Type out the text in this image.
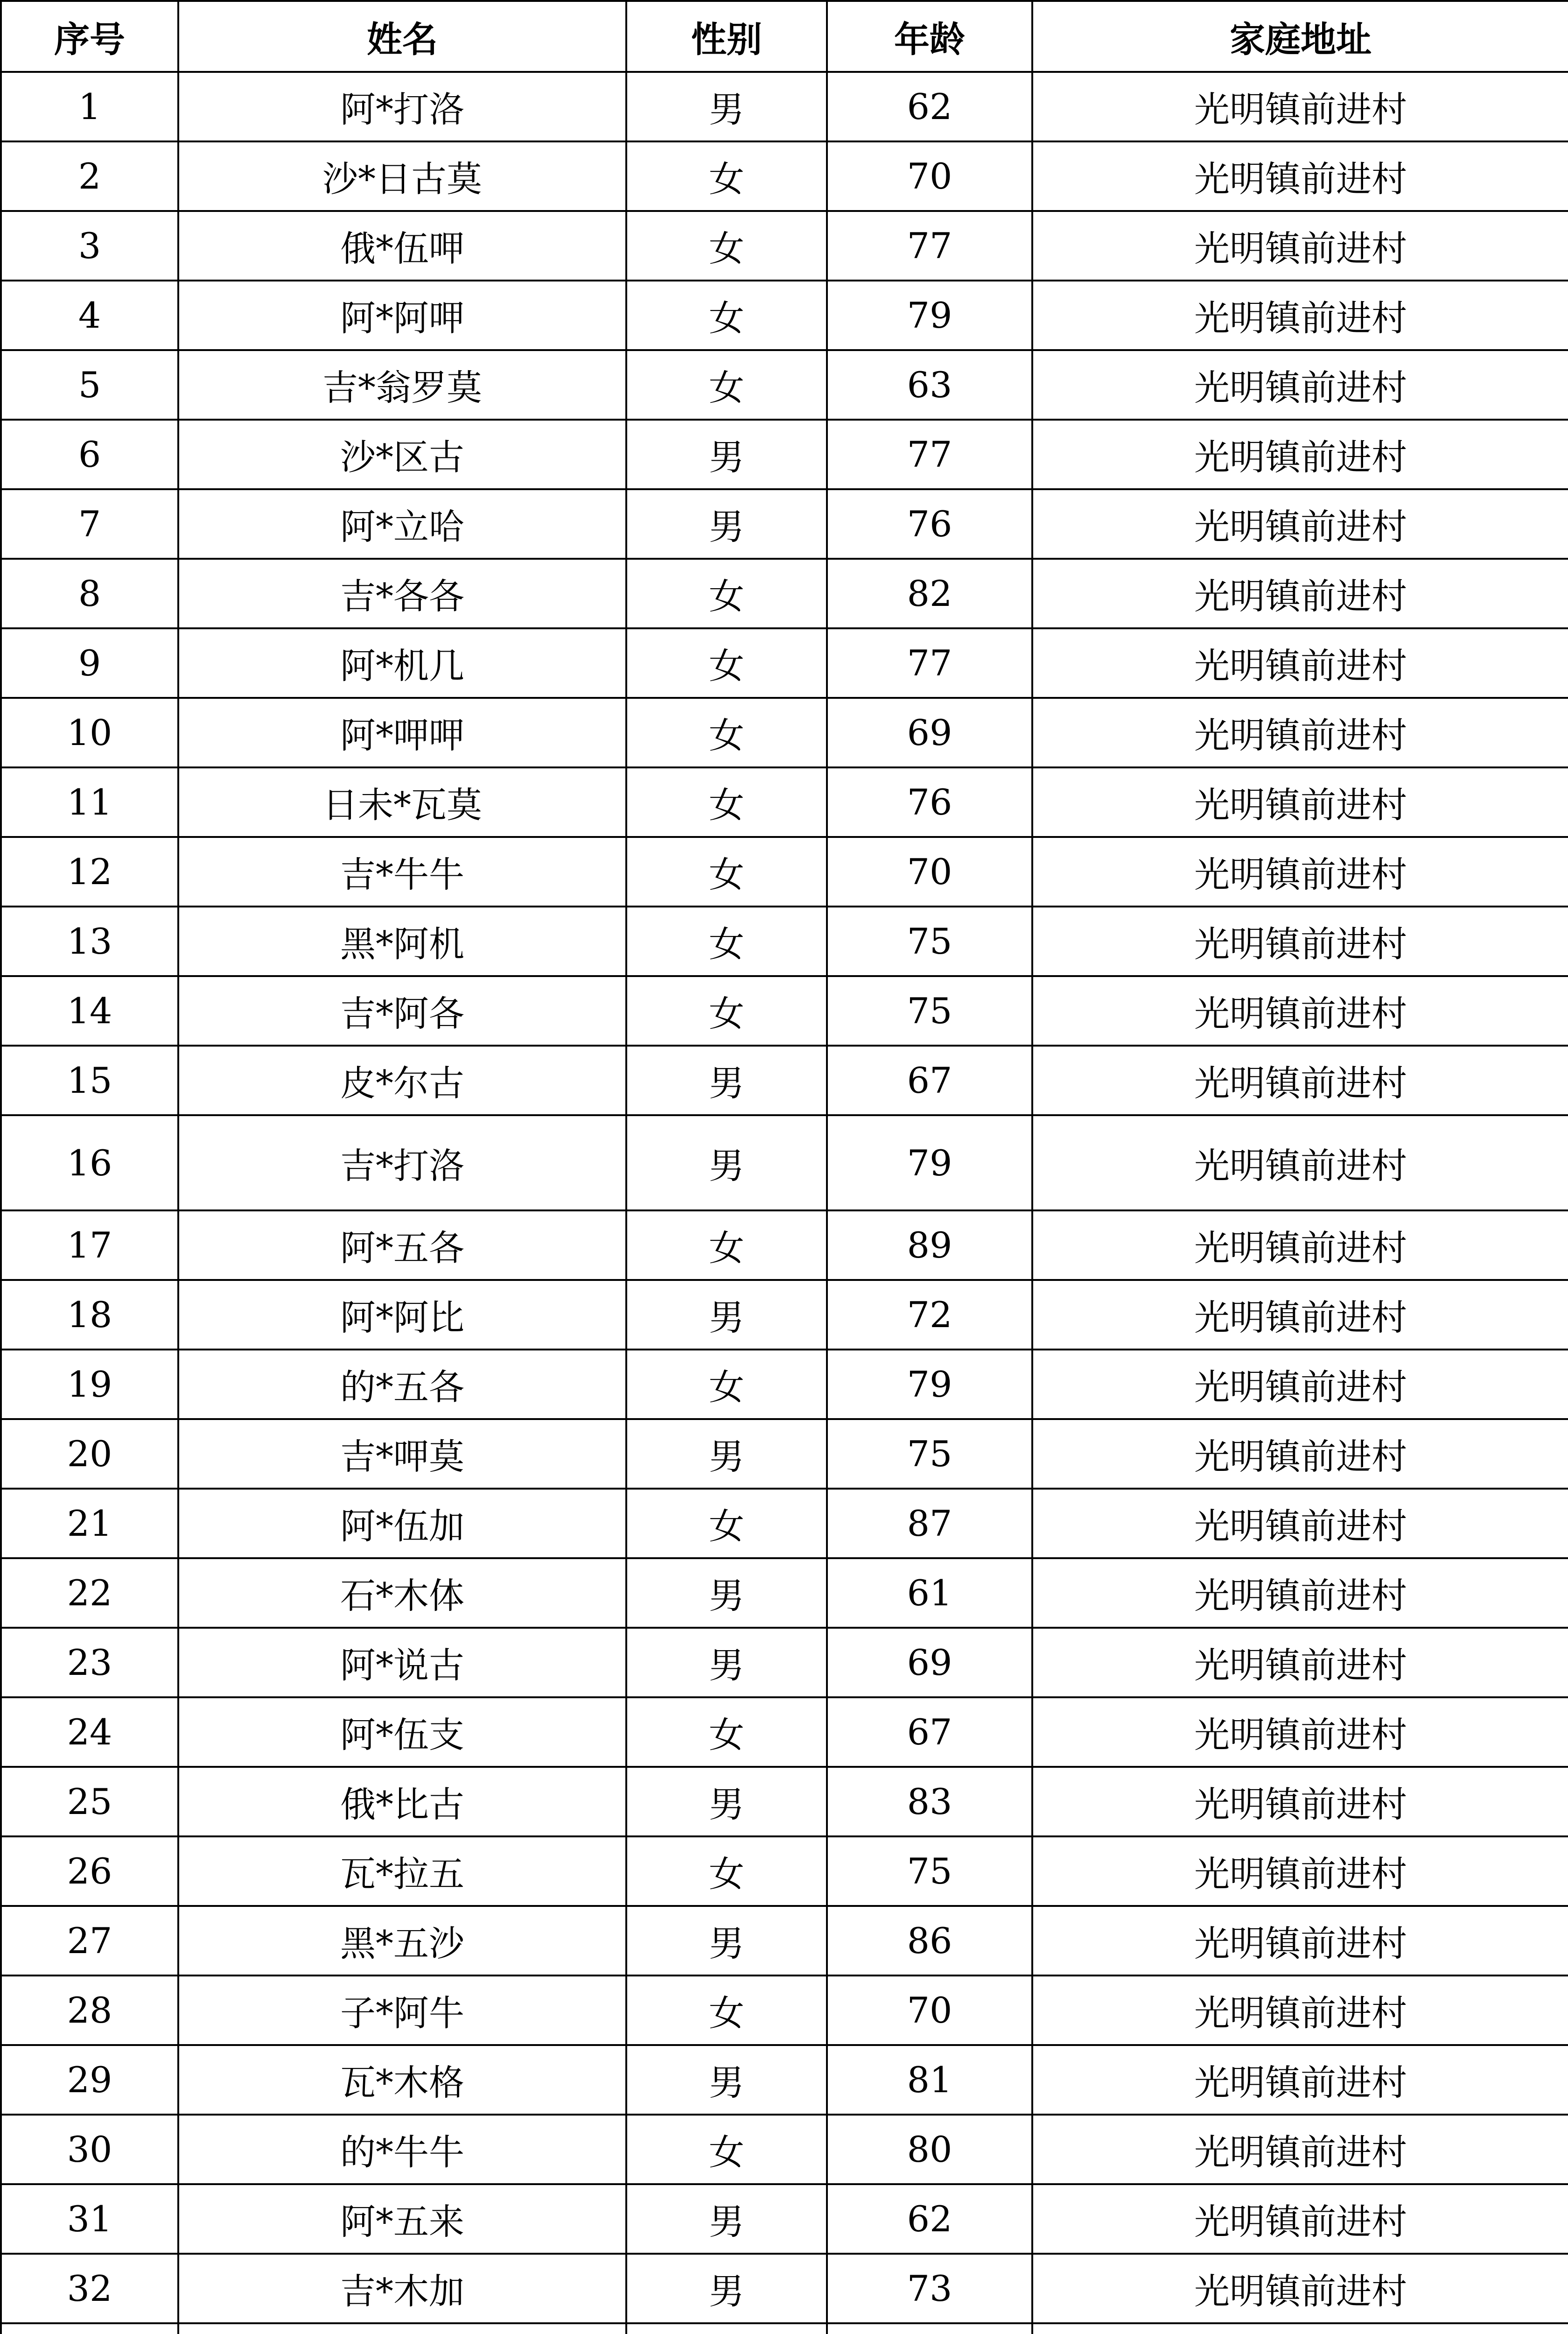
序号	姓名	性别	年龄	家庭地址
1	阿*打洛	男	62	光明镇前进村
2	沙*日古莫	女	70	光明镇前进村
3	俄*伍呷	女	77	光明镇前进村
4	阿*阿呷	女	79	光明镇前进村
5	吉*翁罗莫	女	63	光明镇前进村
6	沙*区古	男	77	光明镇前进村
7	阿*立哈	男	76	光明镇前进村
8	吉*各各	女	82	光明镇前进村
9	阿*机几	女	77	光明镇前进村
10	阿*呷呷	女	69	光明镇前进村
11	日未*瓦莫	女	76	光明镇前进村
12	吉*牛牛	女	70	光明镇前进村
13	黑*阿机	女	75	光明镇前进村
14	吉*阿各	女	75	光明镇前进村
15	皮*尔古	男	67	光明镇前进村
16	吉*打洛	男	79	光明镇前进村
17	阿*五各	女	89	光明镇前进村
18	阿*阿比	男	72	光明镇前进村
19	的*五各	女	79	光明镇前进村
20	吉*呷莫	男	75	光明镇前进村
21	阿*伍加	女	87	光明镇前进村
22	石*木体	男	61	光明镇前进村
23	阿*说古	男	69	光明镇前进村
24	阿*伍支	女	67	光明镇前进村
25	俄*比古	男	83	光明镇前进村
26	瓦*拉五	女	75	光明镇前进村
27	黑*五沙	男	86	光明镇前进村
28	子*阿牛	女	70	光明镇前进村
29	瓦*木格	男	81	光明镇前进村
30	的*牛牛	女	80	光明镇前进村
31	阿*五来	男	62	光明镇前进村
32	吉*木加	男	73	光明镇前进村
